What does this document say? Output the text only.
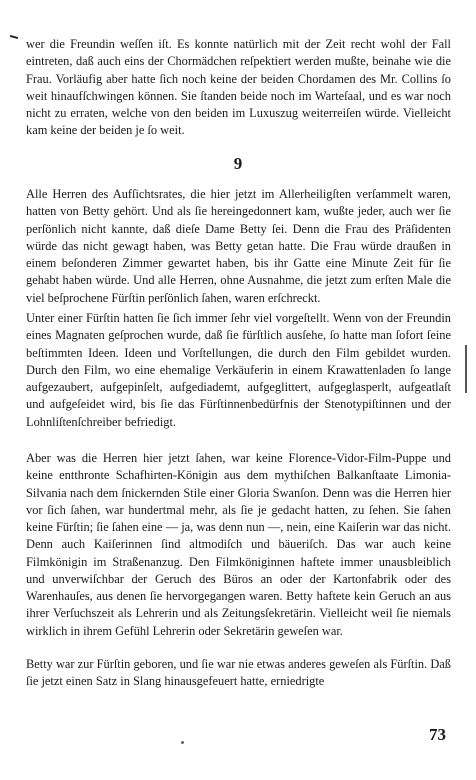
wer die Freundin weſſen iſt. Es konnte natürlich mit der Zeit recht wohl der Fall eintreten, daß auch eins der Chormädchen reſpektiert werden mußte, beinahe wie die Frau. Vorläufig aber hatte ſich noch keine der beiden Chordamen des Mr. Collins ſo weit hinaufſchwingen können. Sie ſtanden beide noch im Warteſaal, und es war noch nicht zu erraten, welche von den beiden im Luxuszug weiterreiſen würde. Vielleicht kam keine der beiden je ſo weit.

9

Alle Herren des Aufſichtsrates, die hier jetzt im Allerheiligſten verſammelt waren, hatten von Betty gehört. Und als ſie hereingedonnert kam, wußte jeder, auch wer ſie perſönlich nicht kannte, daß dieſe Dame Betty ſei. Denn die Frau des Präſidenten würde das nicht gewagt haben, was Betty getan hatte. Die Frau würde draußen in einem beſonderen Zimmer gewartet haben, bis ihr Gatte eine Minute Zeit für ſie gehabt haben würde. Und alle Herren, ohne Ausnahme, die jetzt zum erſten Male die viel beſprochene Fürſtin perſönlich ſahen, waren erſchreckt.

Unter einer Fürſtin hatten ſie ſich immer ſehr viel vorgeſtellt. Wenn von der Freundin eines Magnaten geſprochen wurde, daß ſie fürſtlich ausſehe, ſo hatte man ſofort ſeine beſtimmten Ideen. Ideen und Vorſtellungen, die durch den Film gebildet wurden. Durch den Film, wo eine ehemalige Verkäuferin in einem Krawattenladen ſo lange aufgezaubert, aufgepinſelt, aufgediademt, aufgeglittert, aufgeglasperlt, aufgeatlaſt und aufgeſeidet wird, bis ſie das Fürſtinnenbedürfnis der Stenotypiſtinnen und der Lohnliſtenſchreiber befriedigt.

Aber was die Herren hier jetzt ſahen, war keine Florence-Vidor-Film-Puppe und keine entthronte Schafhirten-Königin aus dem mythiſchen Balkanſtaate Limonia-Silvania nach dem ſnickernden Stile einer Gloria Swanſon. Denn was die Herren hier vor ſich ſahen, war hundertmal mehr, als ſie je gedacht hatten, zu ſehen. Sie ſahen keine Fürſtin; ſie ſahen eine — ja, was denn nun —, nein, eine Kaiſerin war das nicht. Denn auch Kaiſerinnen ſind altmodiſch und bäueriſch. Das war auch keine Filmkönigin im Straßenanzug. Den Filmköniginnen haftete immer unausbleiblich und unverwiſchbar der Geruch des Büros an oder der Kartonfabrik oder des Warenhauſes, aus denen ſie hervorgegangen waren. Betty haftete kein Geruch an aus ihrer Verſuchszeit als Lehrerin und als Zeitungsſekretärin. Vielleicht weil ſie niemals wirklich in ihrem Gefühl Lehrerin oder Sekretärin geweſen war.

Betty war zur Fürſtin geboren, und ſie war nie etwas anderes geweſen als Fürſtin. Daß ſie jetzt einen Satz in Slang hinausgefeuert hatte, erniedrigte

73
